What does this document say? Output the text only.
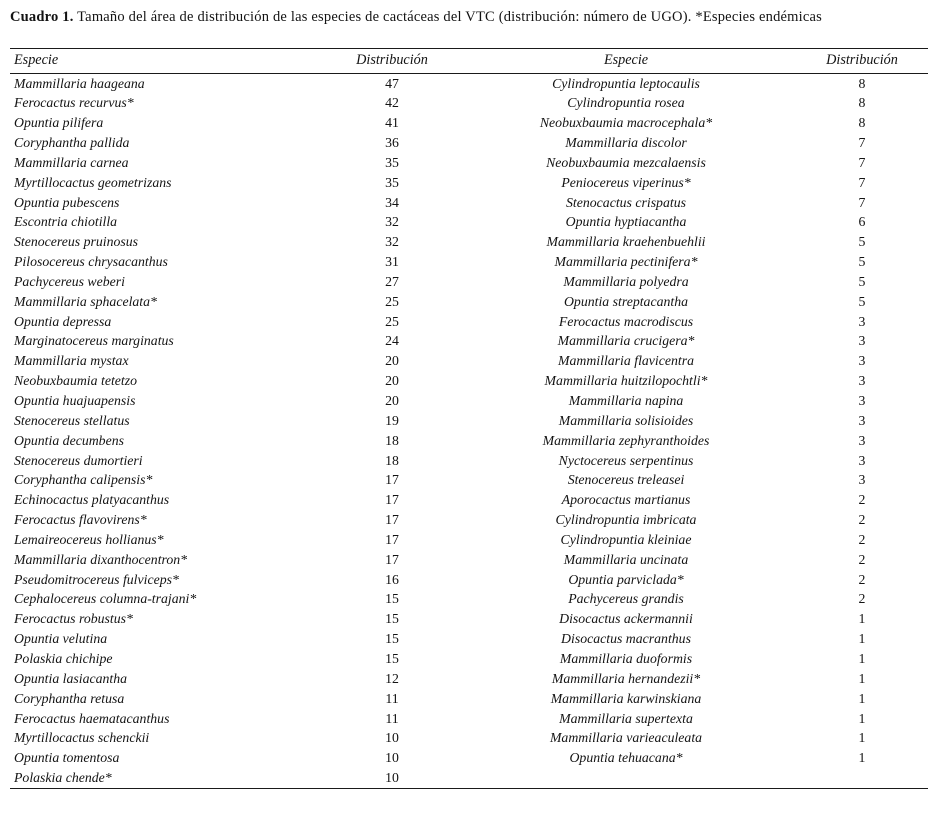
Cuadro 1. Tamaño del área de distribución de las especies de cactáceas del VTC (distribución: número de UGO). *Especies endémicas

Especie	Distribución	Especie	Distribución
Mammillaria haageana	47	Cylindropuntia leptocaulis	8
Ferocactus recurvus*	42	Cylindropuntia rosea	8
Opuntia pilifera	41	Neobuxbaumia macrocephala*	8
Coryphantha pallida	36	Mammillaria discolor	7
Mammillaria carnea	35	Neobuxbaumia mezcalaensis	7
Myrtillocactus geometrizans	35	Peniocereus viperinus*	7
Opuntia pubescens	34	Stenocactus crispatus	7
Escontria chiotilla	32	Opuntia hyptiacantha	6
Stenocereus pruinosus	32	Mammillaria kraehenbuehlii	5
Pilosocereus chrysacanthus	31	Mammillaria pectinifera*	5
Pachycereus weberi	27	Mammillaria polyedra	5
Mammillaria sphacelata*	25	Opuntia streptacantha	5
Opuntia depressa	25	Ferocactus macrodiscus	3
Marginatocereus marginatus	24	Mammillaria crucigera*	3
Mammillaria mystax	20	Mammillaria flavicentra	3
Neobuxbaumia tetetzo	20	Mammillaria huitzilopochtli*	3
Opuntia huajuapensis	20	Mammillaria napina	3
Stenocereus stellatus	19	Mammillaria solisioides	3
Opuntia decumbens	18	Mammillaria zephyranthoides	3
Stenocereus dumortieri	18	Nyctocereus serpentinus	3
Coryphantha calipensis*	17	Stenocereus treleasei	3
Echinocactus platyacanthus	17	Aporocactus martianus	2
Ferocactus flavovirens*	17	Cylindropuntia imbricata	2
Lemaireocereus hollianus*	17	Cylindropuntia kleiniae	2
Mammillaria dixanthocentron*	17	Mammillaria uncinata	2
Pseudomitrocereus fulviceps*	16	Opuntia parviclada*	2
Cephalocereus columna-trajani*	15	Pachycereus grandis	2
Ferocactus robustus*	15	Disocactus ackermannii	1
Opuntia velutina	15	Disocactus macranthus	1
Polaskia chichipe	15	Mammillaria duoformis	1
Opuntia lasiacantha	12	Mammillaria hernandezii*	1
Coryphantha retusa	11	Mammillaria karwinskiana	1
Ferocactus haematacanthus	11	Mammillaria supertexta	1
Myrtillocactus schenckii	10	Mammillaria varieaculeata	1
Opuntia tomentosa	10	Opuntia tehuacana*	1
Polaskia chende*	10		
